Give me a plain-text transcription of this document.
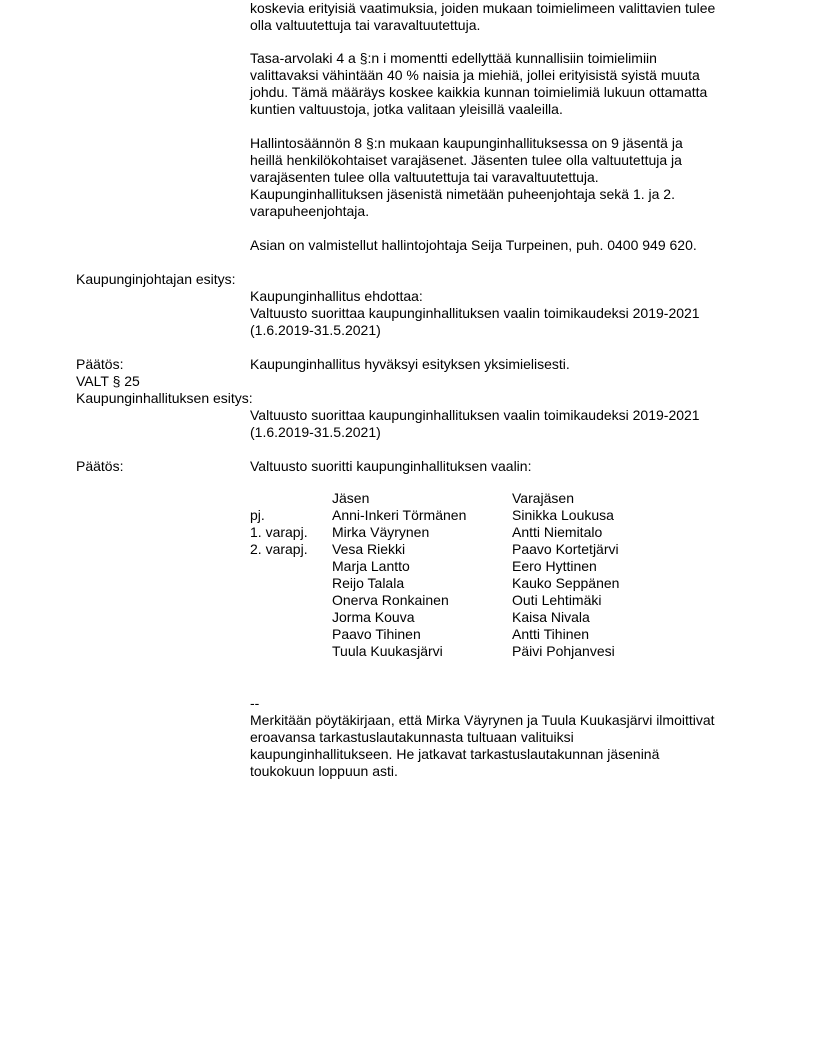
koskevia erityisiä vaatimuksia, joiden mukaan toimielimeen valittavien tulee
olla valtuutettuja tai varavaltuutettuja.
Tasa-arvolaki 4 a §:n i momentti edellyttää kunnallisiin toimielimiin
valittavaksi vähintään 40 % naisia ja miehiä, jollei erityisistä syistä muuta
johdu. Tämä määräys koskee kaikkia kunnan toimielimiä lukuun ottamatta
kuntien valtuustoja, jotka valitaan yleisillä vaaleilla.
Hallintosäännön 8 §:n mukaan kaupunginhallituksessa on 9 jäsentä ja
heillä henkilökohtaiset varajäsenet. Jäsenten tulee olla valtuutettuja ja
varajäsenten tulee olla valtuutettuja tai varavaltuutettuja.
Kaupunginhallituksen jäsenistä nimetään puheenjohtaja sekä 1. ja 2.
varapuheenjohtaja.
Asian on valmistellut hallintojohtaja Seija Turpeinen, puh. 0400 949 620.
Kaupunginjohtajan esitys:
Kaupunginhallitus ehdottaa:
Valtuusto suorittaa kaupunginhallituksen vaalin toimikaudeksi 2019-2021
(1.6.2019-31.5.2021)
Päätös:	Kaupunginhallitus hyväksyi esityksen yksimielisesti.
VALT § 25
Kaupunginhallituksen esitys:
Valtuusto suorittaa kaupunginhallituksen vaalin toimikaudeksi 2019-2021
(1.6.2019-31.5.2021)
Päätös:	Valtuusto suoritti kaupunginhallituksen vaalin:
	Jäsen	Varajäsen
pj.	Anni-Inkeri Törmänen	Sinikka Loukusa
1. varapj.	Mirka Väyrynen	Antti Niemitalo
2. varapj.	Vesa Riekki	Paavo Kortetjärvi
	Marja Lantto	Eero Hyttinen
	Reijo Talala	Kauko Seppänen
	Onerva Ronkainen	Outi Lehtimäki
	Jorma Kouva	Kaisa Nivala
	Paavo Tihinen	Antti Tihinen
	Tuula Kuukasjärvi	Päivi Pohjanvesi
--
Merkitään pöytäkirjaan, että Mirka Väyrynen ja Tuula Kuukasjärvi ilmoittivat
eroavansa tarkastuslautakunnasta tultuaan valituiksi
kaupunginhallitukseen. He jatkavat tarkastuslautakunnan jäseninä
toukokuun loppuun asti.
